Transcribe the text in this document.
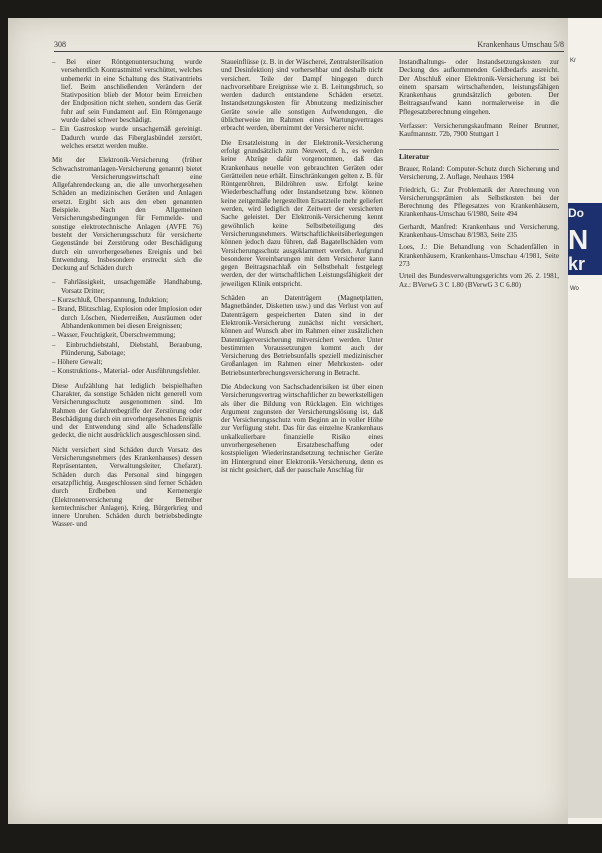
308	Krankenhaus Umschau 5/8

– Bei einer Röntgenuntersuchung wurde versehentlich Kontrastmittel verschüttet, welches unbemerkt in eine Schaltung des Stativantriebs lief. Beim anschließenden Verändern der Stativposition blieb der Motor beim Erreichen der Endposition nicht stehen, sondern das Gerät fuhr auf sein Fundament auf. Ein Röntgenauge wurde dabei schwer beschädigt.
– Ein Gastroskop wurde unsachgemäß gereinigt. Dadurch wurde das Fiberglasbündel zerstört, welches ersetzt werden mußte.

Mit der Elektronik-Versicherung (früher Schwachstromanlagen-Versicherung genannt) bietet die Versicherungswirtschaft eine Allgefahrendeckung an, die alle unvorhergesehen Schäden an medizinischen Geräten und Anlagen ersetzt. Ergibt sich aus den eben genannten Beispiele. Nach den Allgemeinen Versicherungsbedingungen für Fernmelde- und sonstige elektrotechnische Anlagen (AVFE 76) besteht der Versicherungsschutz für versicherte Gegenstände bei Zerstörung oder Beschädigung durch ein unvorhergesehenes Ereignis und bei Entwendung. Insbesondere erstreckt sich die Deckung auf Schäden durch

– Fahrlässigkeit, unsachgemäße Handhabung, Vorsatz Dritter;
– Kurzschluß, Überspannung, Induktion;
– Brand, Blitzschlag, Explosion oder Implosion oder durch Löschen, Niederreißen, Ausräumen oder Abhandenkommen bei diesen Ereignissen;
– Wasser, Feuchtigkeit, Überschwemmung;
– Einbruchdiebstahl, Diebstahl, Beraubung, Plünderung, Sabotage;
– Höhere Gewalt;
– Konstruktions-, Material- oder Ausführungsfehler.

Diese Aufzählung hat lediglich beispielhaften Charakter, da sonstige Schäden nicht generell vom Versicherungsschutz ausgenommen sind. Im Rahmen der Gefahrenbegriffe der Zerstörung oder Beschädigung durch ein unvorhergesehenes Ereignis und der Entwendung sind alle Schadensfälle gedeckt, die nicht ausdrücklich ausgeschlossen sind.

Nicht versichert sind Schäden durch Vorsatz des Versicherungsnehmers (des Krankenhauses) dessen Repräsentanten, Verwaltungsleiter, Chefarzt). Schäden durch das Personal sind hingegen ersatzpflichtig. Ausgeschlossen sind ferner Schäden durch Erdbeben und Kernenergie (Elektronenversicherung der Betreiber kerntechnischer Anlagen), Krieg, Bürgerkrieg und innere Unruhen. Schäden durch betriebsbedingte Wasser- und

Staueinflüsse (z. B. in der Wäscherei, Zentralsterilisation und Desinfektion) sind vorhersehbar und deshalb nicht versichert. Teile der Dampf hingegen durch nachvorsehbare Ereignisse wie z. B. Leitungsbruch, so werden dadurch entstandene Schäden ersetzt. Instandsetzungskosten für Abnutzung medizinischer Geräte sowie alle sonstigen Aufwendungen, die üblicherweise im Rahmen eines Wartungsvertrages erbracht werden, übernimmt der Versicherer nicht.

Die Ersatzleistung in der Elektronik-Versicherung erfolgt grundsätzlich zum Neuwert, d. h., es werden keine Abzüge dafür vorgenommen, daß das Krankenhaus neuelle von gebrauchten Geräten oder Gerätteilen neue erhält. Einschränkungen gelten z. B. für Röntgenröhren, Bildröhren usw. Erfolgt keine Wiederbeschaffung oder Instandsetzung bzw. können keine zeitgemäße hergestellten Ersatzteile mehr geliefert werden, wird lediglich der Zeitwert der versicherten Sache geleistet. Der Elektronik-Versicherung kennt gewöhnlich keine Selbstbeteiligung des Versicherungsnehmers. Wirtschaftlichkeitsüberlegungen können jedoch dazu führen, daß Bagatellschäden vom Versicherungsschutz ausgeklammert werden. Aufgrund besonderer Vereinbarungen mit dem Versicherer kann gegen Beitragsnachlaß ein Selbstbehalt festgelegt werden, der der wirtschaftlichen Leistungsfähigkeit der jeweiligen Klinik entspricht.

Schäden an Datenträgern (Magnetplatten, Magnetbänder, Disketten usw.) und das Verlust von auf Datenträgern gespeicherten Daten sind in der Elektronik-Versicherung zunächst nicht versichert, können auf Wunsch aber im Rahmen einer zusätzlichen Datenträgerversicherung mitversichert werden. Unter bestimmten Voraussetzungen kommt auch der Versicherung des Betriebsunfalls speziell medizinischer Großanlagen im Rahmen einer Mehrkosten- oder Betriebsunterbrechungsversicherung in Betracht.

Die Abdeckung von Sachschadenrisiken ist über einen Versicherungsvertrag wirtschaftlicher zu bewerkstelligen als über die Bildung von Rücklagen. Ein wichtiges Argument zugunsten der Versicherungslösung ist, daß der Versicherungsschutz vom Beginn an in voller Höhe zur Verfügung steht. Das für das einzelne Krankenhaus unkalkulierbare finanzielle Risiko eines unvorhergesehenen Ersatzbeschaffung oder kostspieligen Wiederinstandsetzung technischer Geräte im Hintergrund einer Elektronik-Versicherung, denn es ist nicht gesichert, daß der pauschale Anschlag für

Instandhaltungs- oder Instandsetzungskosten zur Deckung des aufkommenden Geldbedarfs ausreicht. Der Abschluß einer Elektronik-Versicherung ist bei einem sparsam wirtschaftenden, leistungsfähigen Krankenhaus grundsätzlich geboten. Der Beitragsaufwand kann normalerweise in die Pflegesatzberechnung eingehen.

Verfasser: Versicherungskaufmann Reiner Brunner, Kaufmannstr. 72b, 7900 Stuttgart 1

Literatur

Brauer, Roland: Computer-Schutz durch Sicherung und Versicherung, 2. Auflage, Neuhaus 1984

Friedrich, G.: Zur Problematik der Anrechnung von Versicherungsprämien als Selbstkosten bei der Berechnung des Pflegesatzes von Krankenhäusern, Krankenhaus-Umschau 6/1980, Seite 494

Gerhardt, Manfred: Krankenhaus und Versicherung, Krankenhaus-Umschau 8/1983, Seite 235

Loes, J.: Die Behandlung von Schadenfällen in Krankenhäusern, Krankenhaus-Umschau 4/1981, Seite 273

Urteil des Bundesverwaltungsgerichts vom 26. 2. 1981, Az.: BVerwG 3 C 1.80 (BVerwG 3 C 6.80)

Kr
Do
N
kr
Wo
